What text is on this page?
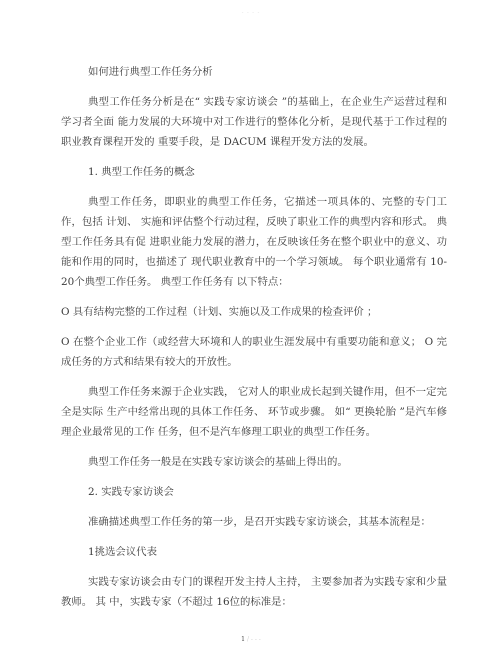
- - - -

如何进行典型工作任务分析

典型工作任务分析是在“ 实践专家访谈会 ”的基础上，在企业生产运营过程和学习者全面 能力发展的大环境中对工作进行的整体化分析，是现代基于工作过程的职业教育课程开发的 重要手段，是 DACUM 课程开发方法的发展。

1. 典型工作任务的概念

典型工作任务，即职业的典型工作任务，它描述一项具体的、完整的专门工作，包括 计划、 实施和评估整个行动过程，反映了职业工作的典型内容和形式。 典型工作任务具有促 进职业能力发展的潜力，在反映该任务在整个职业中的意义、功能和作用的同时，也描述了 现代职业教育中的一个学习领域。 每个职业通常有 10-20个典型工作任务。 典型工作任务有 以下特点：

O 具有结构完整的工作过程（计划、实施以及工作成果的检查评价 ；

O 在整个企业工作（或经营大环境和人的职业生涯发展中有重要功能和意义； O 完成任务的方式和结果有较大的开放性。

典型工作任务来源于企业实践， 它对人的职业成长起到关键作用，但不一定完全是实际 生产中经常出现的具体工作任务、 环节或步骤。 如“ 更换轮胎 ”是汽车修理企业最常见的工作 任务，但不是汽车修理工职业的典型工作任务。

典型工作任务一般是在实践专家访谈会的基础上得出的。

2. 实践专家访谈会

准确描述典型工作任务的第一步，是召开实践专家访谈会，其基本流程是：

1挑选会议代表

实践专家访谈会由专门的课程开发主持人主持， 主要参加者为实践专家和少量教师。 其 中，实践专家（不超过 16位的标准是：

1 / - - -
